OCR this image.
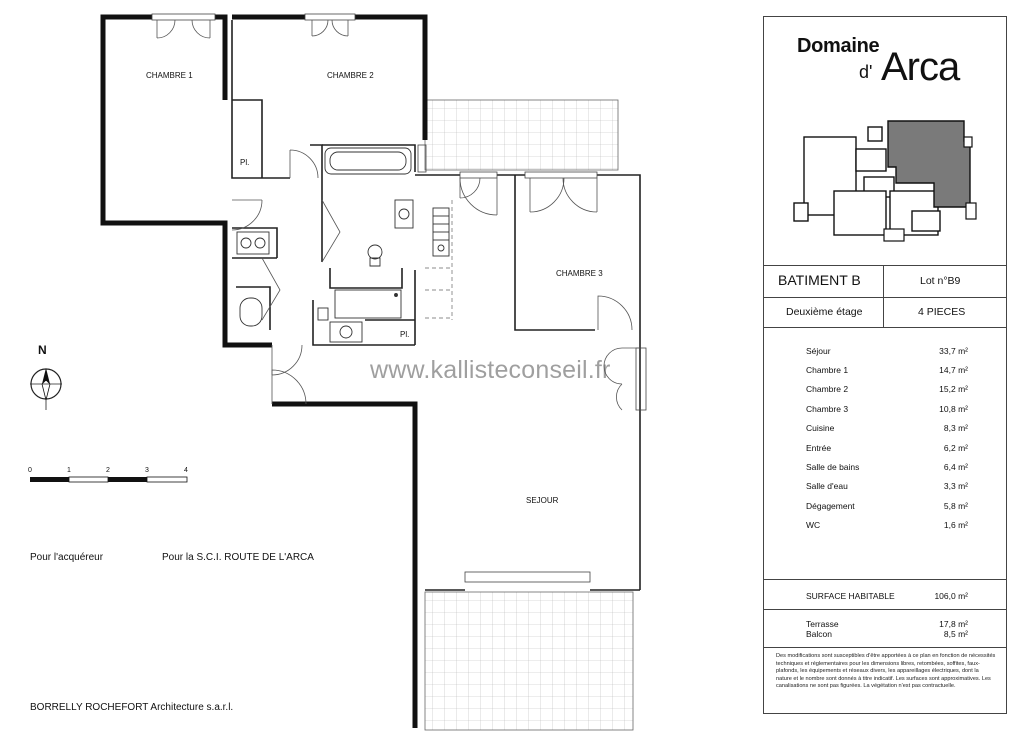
CHAMBRE 1	CHAMBRE 2
CHAMBRE 3
SEJOUR
Pl.
Pl.
N
0	1	2	3	4
Pour l'acquéreur	Pour la S.C.I. ROUTE DE L'ARCA
BORRELLY ROCHEFORT Architecture s.a.r.l.
www.kallisteconseil.fr
Domaine
d' Arca
BATIMENT B	Lot n°B9
Deuxième étage	4 PIECES
Séjour	33,7 m²
Chambre 1	14,7 m²
Chambre 2	15,2 m²
Chambre 3	10,8 m²
Cuisine	8,3 m²
Entrée	6,2 m²
Salle de bains	6,4 m²
Salle d'eau	3,3 m²
Dégagement	5,8 m²
WC	1,6 m²
SURFACE HABITABLE	106,0 m²
Terrasse	17,8 m²
Balcon	8,5 m²
Des modifications sont susceptibles d'être apportées à ce plan en fonction de nécessités techniques et réglementaires pour les dimensions libres, retombées, soffites, faux-plafonds, les équipements et réseaux divers, les appareillages électriques, dont la nature et le nombre sont donnés à titre indicatif. Les surfaces sont approximatives. Les canalisations ne sont pas figurées. La végétation n'est pas contractuelle.
